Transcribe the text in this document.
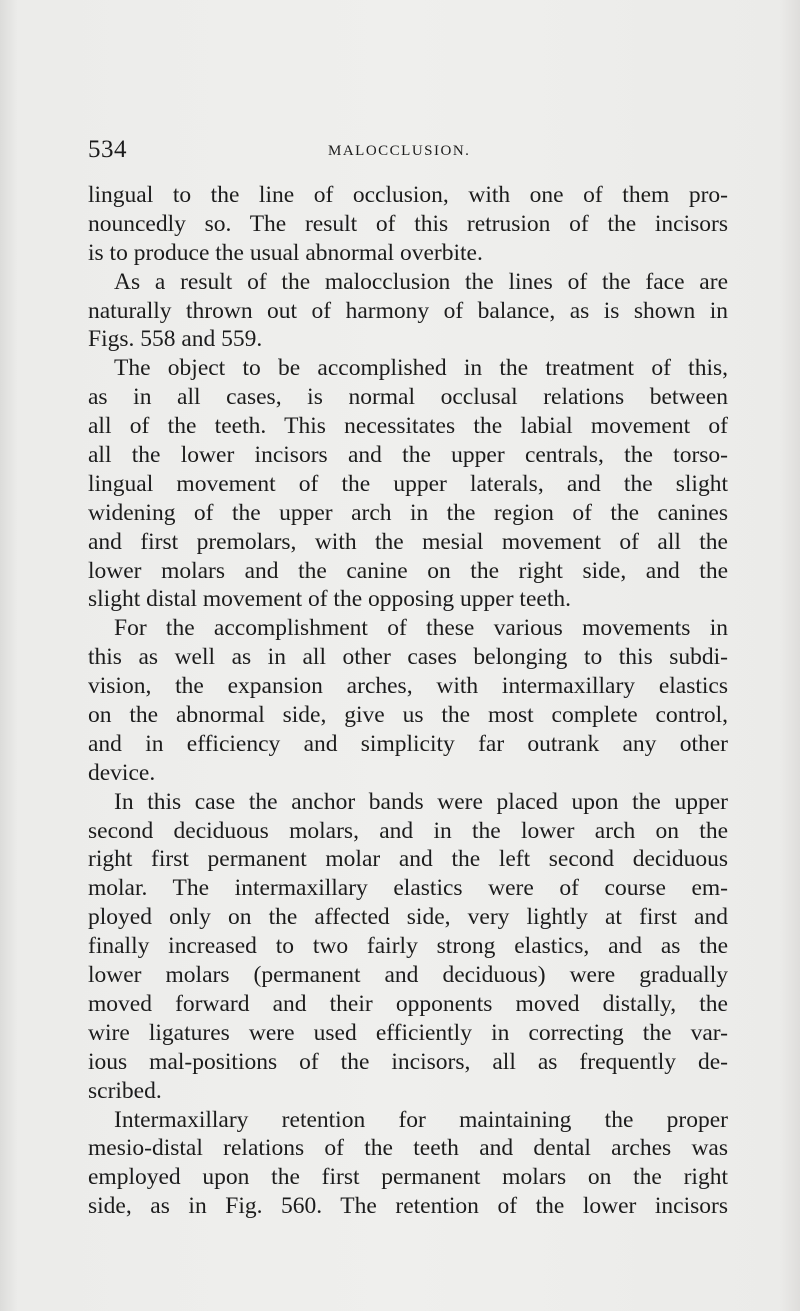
534	MALOCCLUSION.
lingual to the line of occlusion, with one of them pro-
nouncedly so. The result of this retrusion of the incisors
is to produce the usual abnormal overbite.
As a result of the malocclusion the lines of the face are
naturally thrown out of harmony of balance, as is shown in
Figs. 558 and 559.
The object to be accomplished in the treatment of this,
as in all cases, is normal occlusal relations between
all of the teeth. This necessitates the labial movement of
all the lower incisors and the upper centrals, the torso-
lingual movement of the upper laterals, and the slight
widening of the upper arch in the region of the canines
and first premolars, with the mesial movement of all the
lower molars and the canine on the right side, and the
slight distal movement of the opposing upper teeth.
For the accomplishment of these various movements in
this as well as in all other cases belonging to this subdi-
vision, the expansion arches, with intermaxillary elastics
on the abnormal side, give us the most complete control,
and in efficiency and simplicity far outrank any other
device.
In this case the anchor bands were placed upon the upper
second deciduous molars, and in the lower arch on the
right first permanent molar and the left second deciduous
molar. The intermaxillary elastics were of course em-
ployed only on the affected side, very lightly at first and
finally increased to two fairly strong elastics, and as the
lower molars (permanent and deciduous) were gradually
moved forward and their opponents moved distally, the
wire ligatures were used efficiently in correcting the var-
ious mal-positions of the incisors, all as frequently de-
scribed.
Intermaxillary retention for maintaining the proper
mesio-distal relations of the teeth and dental arches was
employed upon the first permanent molars on the right
side, as in Fig. 560. The retention of the lower incisors
